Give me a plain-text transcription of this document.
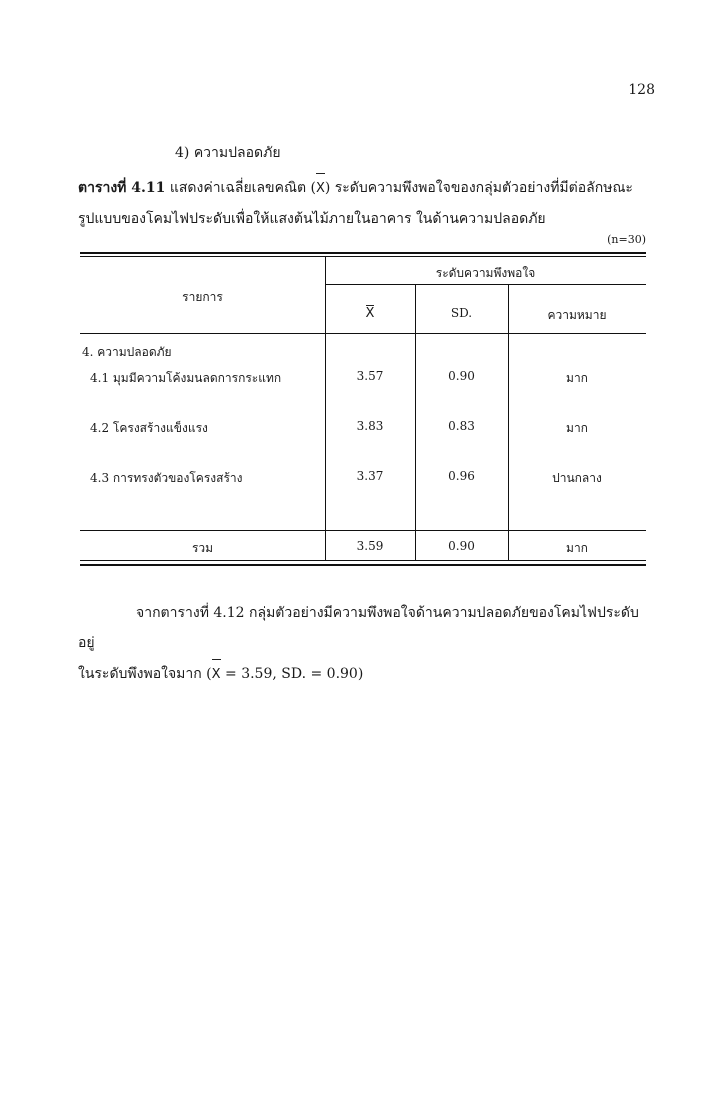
128
4) ความปลอดภัย
ตารางที่ 4.11 แสดงค่าเฉลี่ยเลขคณิต (X) ระดับความพึงพอใจของกลุ่มตัวอย่างที่มีต่อลักษณะ
รูปแบบของโคมไฟประดับเพื่อให้แสงต้นไม้ภายในอาคาร ในด้านความปลอดภัย
(n=30)
รายการ
ระดับความพึงพอใจ
X	SD.	ความหมาย
4. ความปลอดภัย
4.1 มุมมีความโค้งมนลดการกระแทก	3.57	0.90	มาก
4.2 โครงสร้างแข็งแรง	3.83	0.83	มาก
4.3 การทรงตัวของโครงสร้าง	3.37	0.96	ปานกลาง
รวม	3.59	0.90	มาก
จากตารางที่ 4.12 กลุ่มตัวอย่างมีความพึงพอใจด้านความปลอดภัยของโคมไฟประดับ อยู่
ในระดับพึงพอใจมาก (X = 3.59, SD. = 0.90)
